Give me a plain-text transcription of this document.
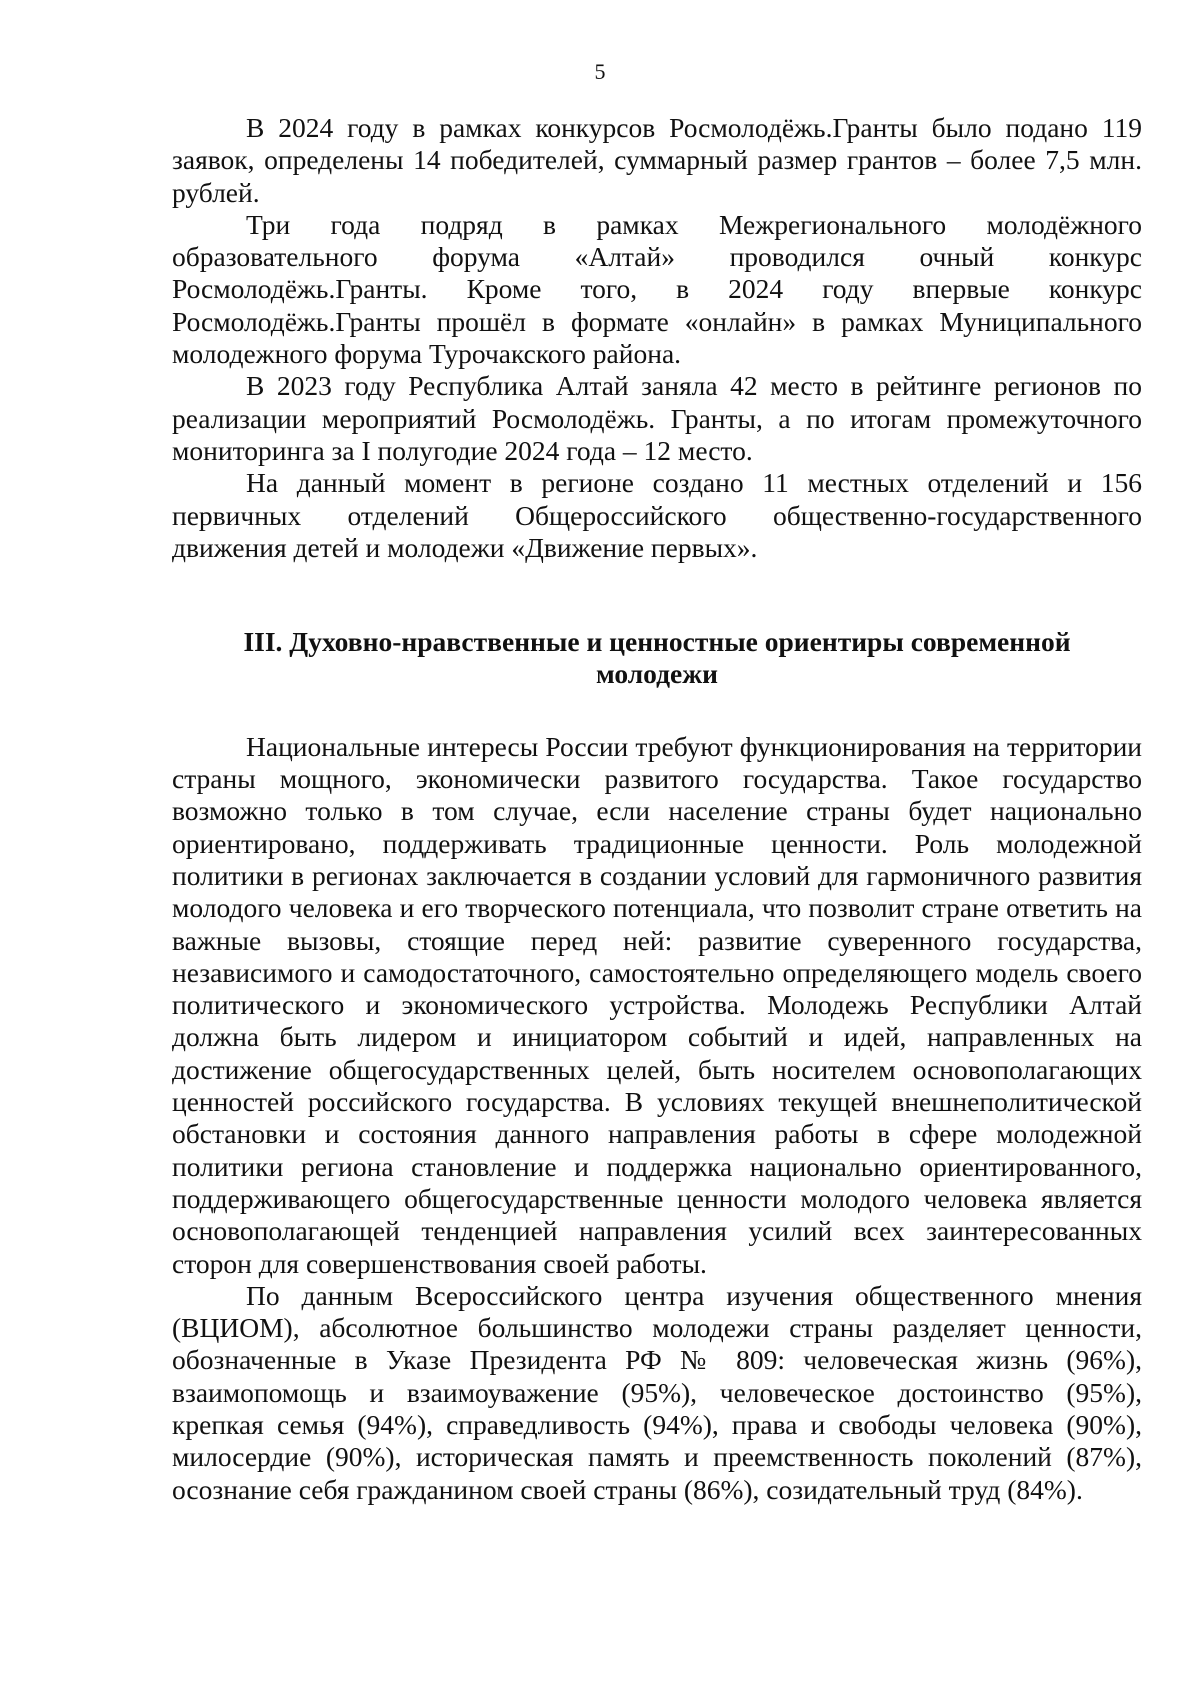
5

В 2024 году в рамках конкурсов Росмолодёжь.Гранты было подано 119 заявок, определены 14 победителей, суммарный размер грантов – более 7,5 млн. рублей.

Три года подряд в рамках Межрегионального молодёжного образовательного форума «Алтай» проводился очный конкурс Росмолодёжь.Гранты. Кроме того, в 2024 году впервые конкурс Росмолодёжь.Гранты прошёл в формате «онлайн» в рамках Муниципального молодежного форума Турочакского района.

В 2023 году Республика Алтай заняла 42 место в рейтинге регионов по реализации мероприятий Росмолодёжь. Гранты, а по итогам промежуточного мониторинга за I полугодие 2024 года – 12 место.

На данный момент в регионе создано 11 местных отделений и 156 первичных отделений Общероссийского общественно-государственного движения детей и молодежи «Движение первых».

III. Духовно-нравственные и ценностные ориентиры современной
молодежи

Национальные интересы России требуют функционирования на территории страны мощного, экономически развитого государства. Такое государство возможно только в том случае, если население страны будет национально ориентировано, поддерживать традиционные ценности. Роль молодежной политики в регионах заключается в создании условий для гармоничного развития молодого человека и его творческого потенциала, что позволит стране ответить на важные вызовы, стоящие перед ней: развитие суверенного государства, независимого и самодостаточного, самостоятельно определяющего модель своего политического и экономического устройства. Молодежь Республики Алтай должна быть лидером и инициатором событий и идей, направленных на достижение общегосударственных целей, быть носителем основополагающих ценностей российского государства. В условиях текущей внешнеполитической обстановки и состояния данного направления работы в сфере молодежной политики региона становление и поддержка национально ориентированного, поддерживающего общегосударственные ценности молодого человека является основополагающей тенденцией направления усилий всех заинтересованных сторон для совершенствования своей работы.

По данным Всероссийского центра изучения общественного мнения (ВЦИОМ), абсолютное большинство молодежи страны разделяет ценности, обозначенные в Указе Президента РФ № 809: человеческая жизнь (96%), взаимопомощь и взаимоуважение (95%), человеческое достоинство (95%), крепкая семья (94%), справедливость (94%), права и свободы человека (90%), милосердие (90%), историческая память и преемственность поколений (87%), осознание себя гражданином своей страны (86%), созидательный труд (84%).
